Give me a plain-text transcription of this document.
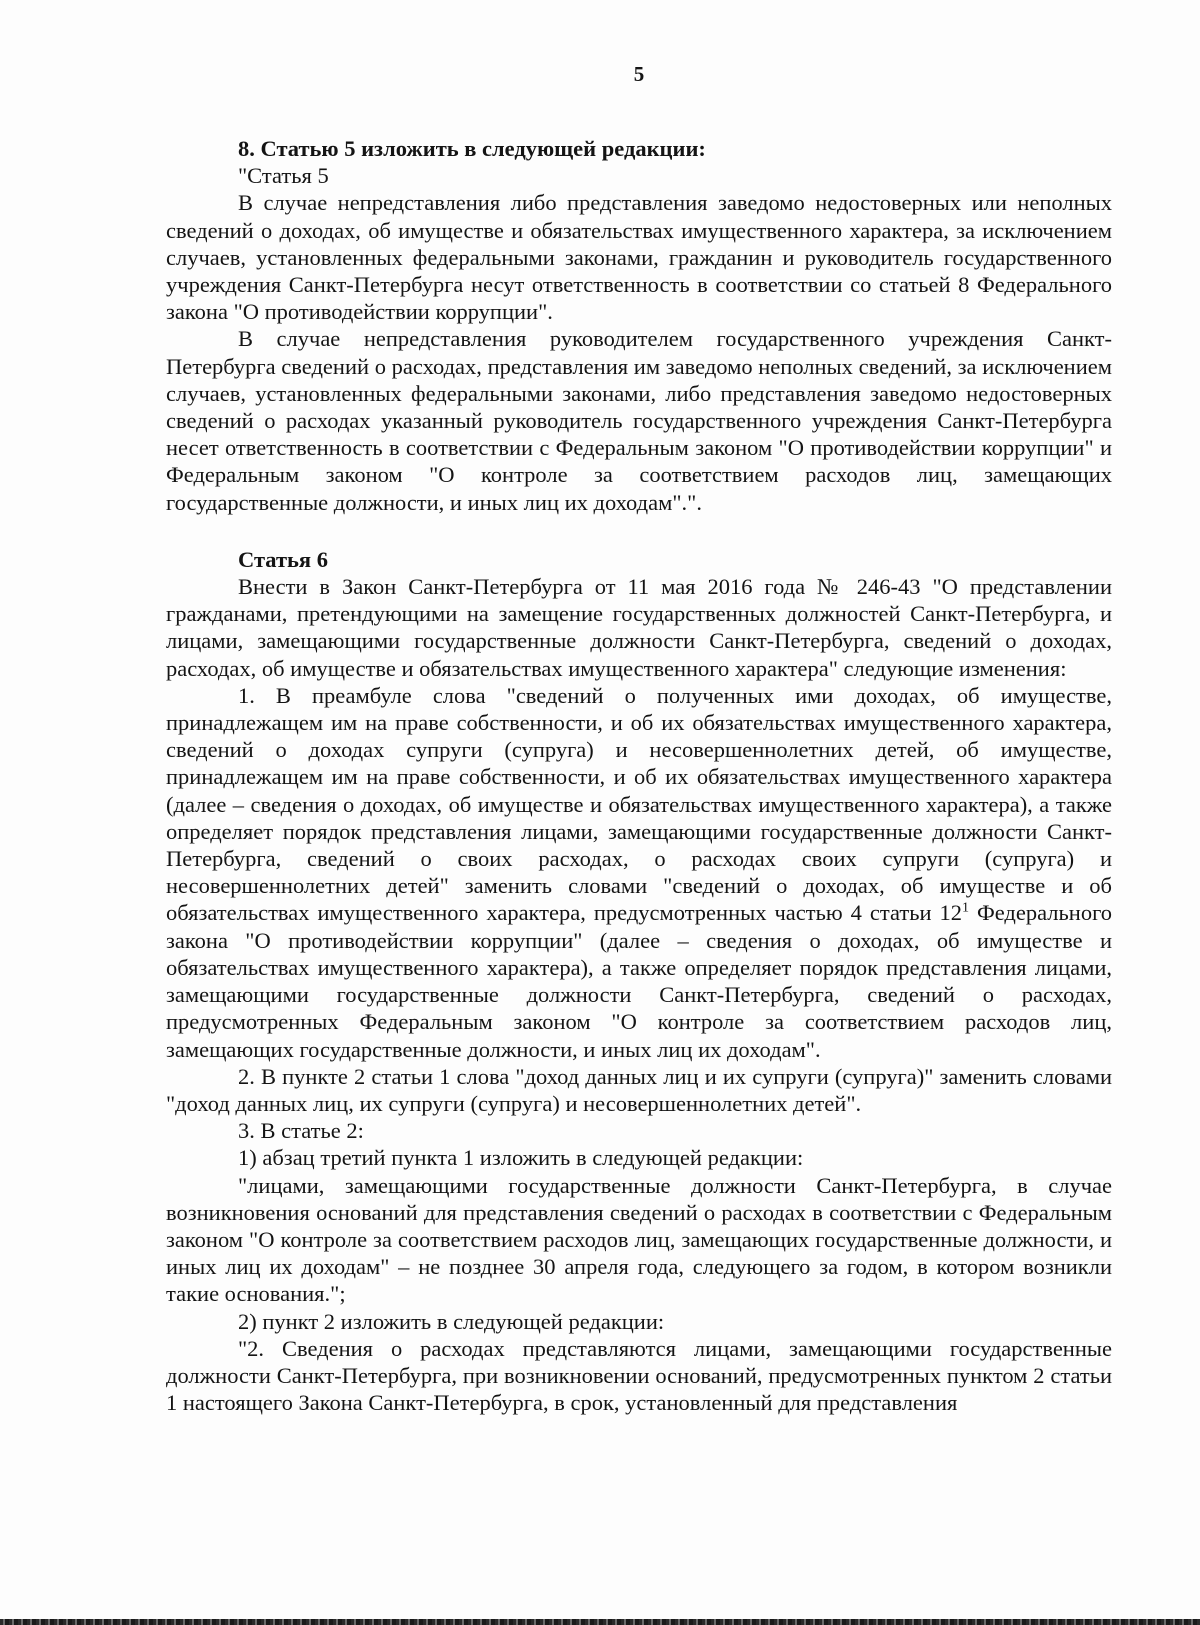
5

8. Статью 5 изложить в следующей редакции:

"Статья 5

В случае непредставления либо представления заведомо недостоверных или неполных сведений о доходах, об имуществе и обязательствах имущественного характера, за исключением случаев, установленных федеральными законами, гражданин и руководитель государственного учреждения Санкт-Петербурга несут ответственность в соответствии со статьей 8 Федерального закона "О противодействии коррупции".

В случае непредставления руководителем государственного учреждения Санкт-Петербурга сведений о расходах, представления им заведомо неполных сведений, за исключением случаев, установленных федеральными законами, либо представления заведомо недостоверных сведений о расходах указанный руководитель государственного учреждения Санкт-Петербурга несет ответственность в соответствии с Федеральным законом "О противодействии коррупции" и Федеральным законом "О контроле за соответствием расходов лиц, замещающих государственные должности, и иных лиц их доходам".".

Статья 6

Внести в Закон Санкт-Петербурга от 11 мая 2016 года № 246-43 "О представлении гражданами, претендующими на замещение государственных должностей Санкт-Петербурга, и лицами, замещающими государственные должности Санкт-Петербурга, сведений о доходах, расходах, об имуществе и обязательствах имущественного характера" следующие изменения:

1. В преамбуле слова "сведений о полученных ими доходах, об имуществе, принадлежащем им на праве собственности, и об их обязательствах имущественного характера, сведений о доходах супруги (супруга) и несовершеннолетних детей, об имуществе, принадлежащем им на праве собственности, и об их обязательствах имущественного характера (далее – сведения о доходах, об имуществе и обязательствах имущественного характера), а также определяет порядок представления лицами, замещающими государственные должности Санкт-Петербурга, сведений о своих расходах, о расходах своих супруги (супруга) и несовершеннолетних детей" заменить словами "сведений о доходах, об имуществе и об обязательствах имущественного характера, предусмотренных частью 4 статьи $12^1$ Федерального закона "О противодействии коррупции" (далее – сведения о доходах, об имуществе и обязательствах имущественного характера), а также определяет порядок представления лицами, замещающими государственные должности Санкт-Петербурга, сведений о расходах, предусмотренных Федеральным законом "О контроле за соответствием расходов лиц, замещающих государственные должности, и иных лиц их доходам".

2. В пункте 2 статьи 1 слова "доход данных лиц и их супруги (супруга)" заменить словами "доход данных лиц, их супруги (супруга) и несовершеннолетних детей".

3. В статье 2:

1) абзац третий пункта 1 изложить в следующей редакции:

"лицами, замещающими государственные должности Санкт-Петербурга, в случае возникновения оснований для представления сведений о расходах в соответствии с Федеральным законом "О контроле за соответствием расходов лиц, замещающих государственные должности, и иных лиц их доходам" – не позднее 30 апреля года, следующего за годом, в котором возникли такие основания.";

2) пункт 2 изложить в следующей редакции:

"2. Сведения о расходах представляются лицами, замещающими государственные должности Санкт-Петербурга, при возникновении оснований, предусмотренных пунктом 2 статьи 1 настоящего Закона Санкт-Петербурга, в срок, установленный для представления
